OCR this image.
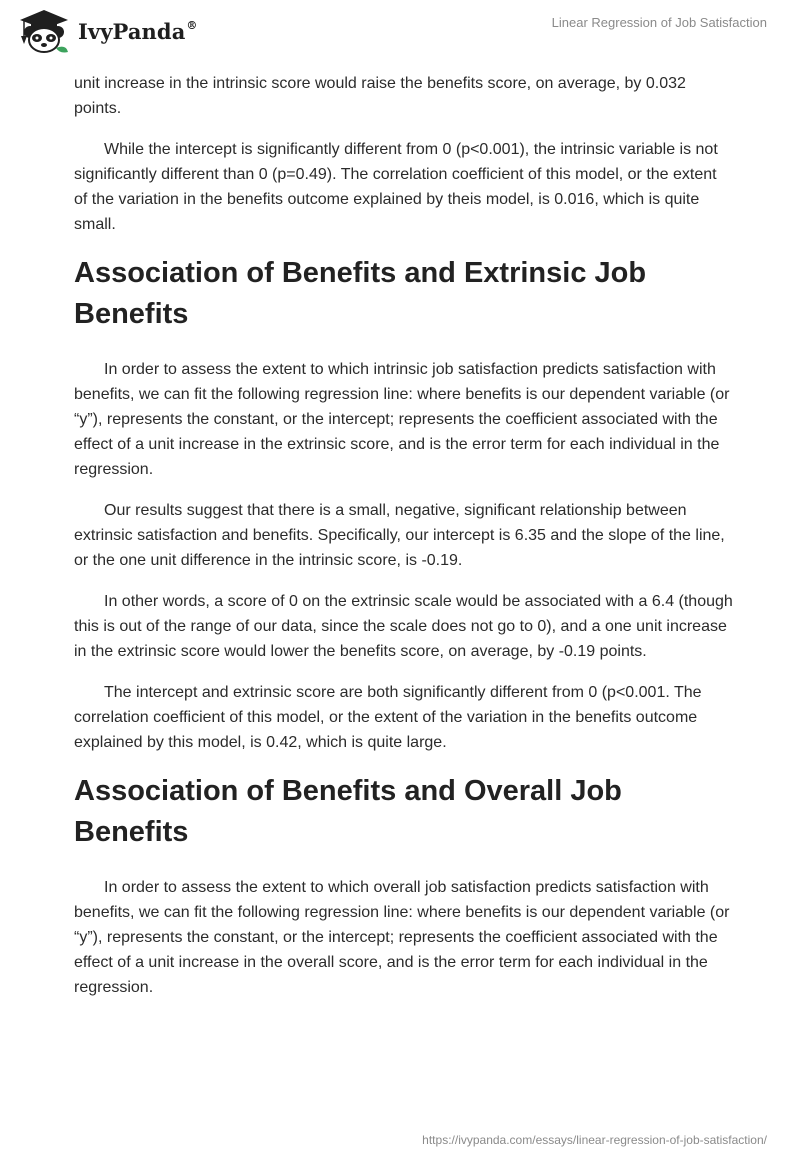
IvyPanda®	Linear Regression of Job Satisfaction

unit increase in the intrinsic score would raise the benefits score, on average, by 0.032 points.

While the intercept is significantly different from 0 (p<0.001), the intrinsic variable is not significantly different than 0 (p=0.49). The correlation coefficient of this model, or the extent of the variation in the benefits outcome explained by theis model, is 0.016, which is quite small.

Association of Benefits and Extrinsic Job Benefits

In order to assess the extent to which intrinsic job satisfaction predicts satisfaction with benefits, we can fit the following regression line: where benefits is our dependent variable (or “y”), represents the constant, or the intercept; represents the coefficient associated with the effect of a unit increase in the extrinsic score, and is the error term for each individual in the regression.

Our results suggest that there is a small, negative, significant relationship between extrinsic satisfaction and benefits. Specifically, our intercept is 6.35 and the slope of the line, or the one unit difference in the intrinsic score, is -0.19.

In other words, a score of 0 on the extrinsic scale would be associated with a 6.4 (though this is out of the range of our data, since the scale does not go to 0), and a one unit increase in the extrinsic score would lower the benefits score, on average, by -0.19 points.

The intercept and extrinsic score are both significantly different from 0 (p<0.001. The correlation coefficient of this model, or the extent of the variation in the benefits outcome explained by this model, is 0.42, which is quite large.

Association of Benefits and Overall Job Benefits

In order to assess the extent to which overall job satisfaction predicts satisfaction with benefits, we can fit the following regression line: where benefits is our dependent variable (or “y”), represents the constant, or the intercept; represents the coefficient associated with the effect of a unit increase in the overall score, and is the error term for each individual in the regression.

https://ivypanda.com/essays/linear-regression-of-job-satisfaction/
